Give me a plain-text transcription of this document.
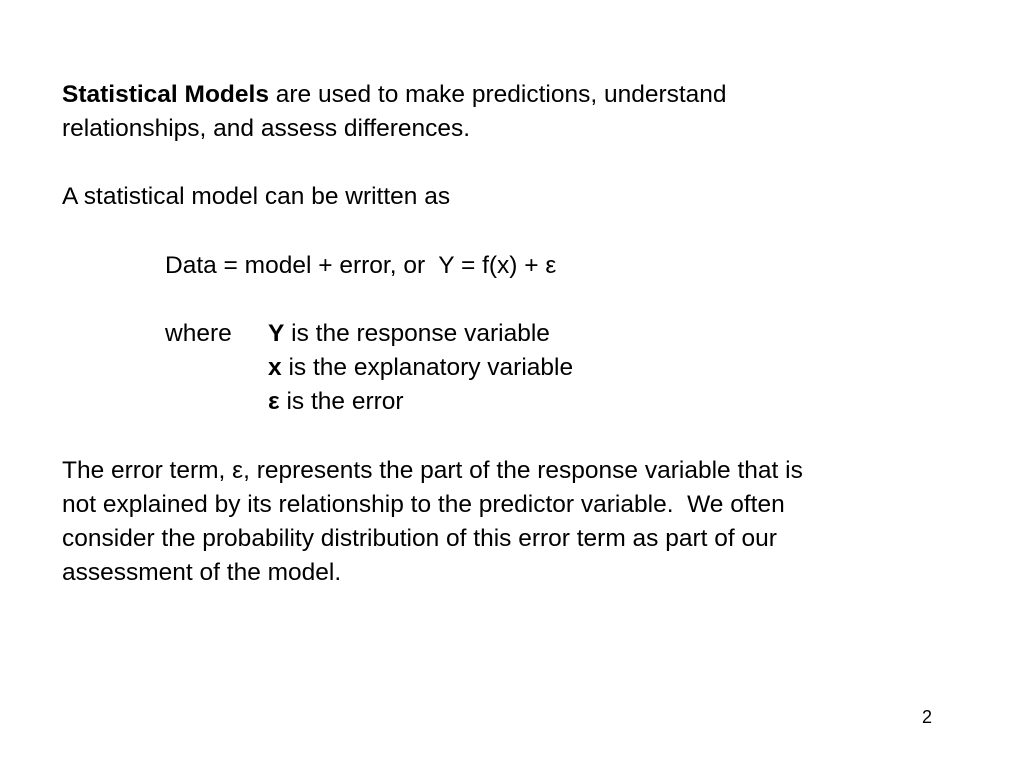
Statistical Models are used to make predictions, understand
relationships, and assess differences.
A statistical model can be written as
Data = model + error, or  Y = f(x) + ε
where Y is the response variable
x is the explanatory variable
ε is the error
The error term, ε, represents the part of the response variable that is
not explained by its relationship to the predictor variable.  We often
consider the probability distribution of this error term as part of our
assessment of the model.
2
